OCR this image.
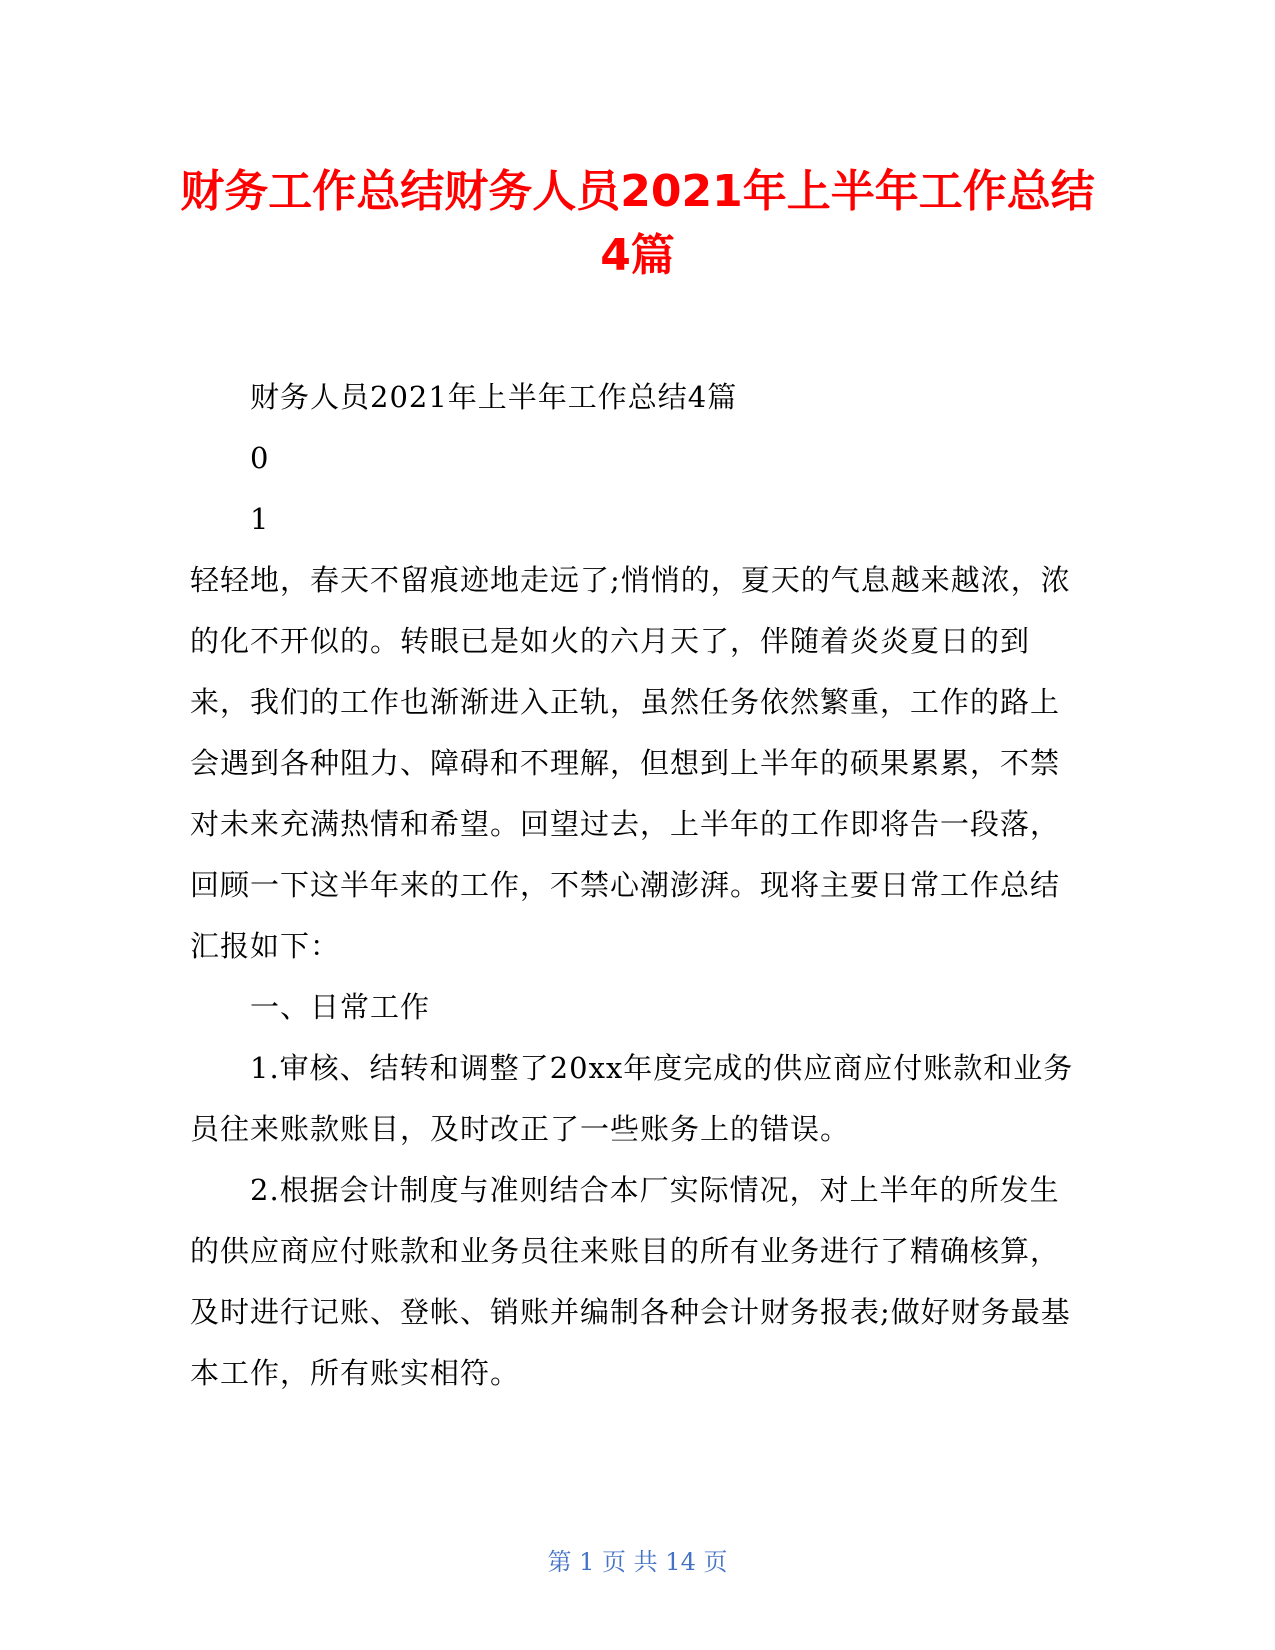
财务工作总结财务人员2021年上半年工作总结
4篇

财务人员2021年上半年工作总结4篇

0

1

轻轻地，春天不留痕迹地走远了;悄悄的，夏天的气息越来越浓，浓的化不开似的。转眼已是如火的六月天了，伴随着炎炎夏日的到来，我们的工作也渐渐进入正轨，虽然任务依然繁重，工作的路上会遇到各种阻力、障碍和不理解，但想到上半年的硕果累累，不禁对未来充满热情和希望。回望过去，上半年的工作即将告一段落，回顾一下这半年来的工作，不禁心潮澎湃。现将主要日常工作总结汇报如下：

一、日常工作

1.审核、结转和调整了20xx年度完成的供应商应付账款和业务员往来账款账目，及时改正了一些账务上的错误。

2.根据会计制度与准则结合本厂实际情况，对上半年的所发生的供应商应付账款和业务员往来账目的所有业务进行了精确核算，及时进行记账、登帐、销账并编制各种会计财务报表;做好财务最基本工作，所有账实相符。

第 1 页 共 14 页
